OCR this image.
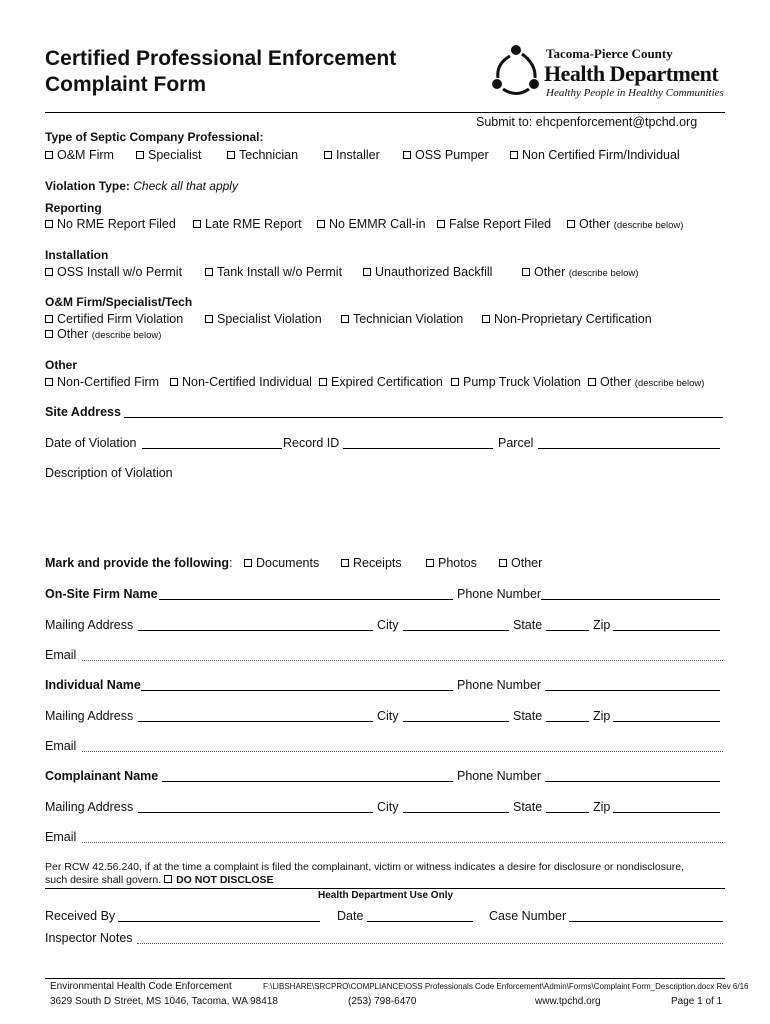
Certified Professional Enforcement
Complaint Form
Tacoma-Pierce County
Health Department
Healthy People in Healthy Communities
Submit to: ehcpenforcement@tpchd.org
Type of Septic Company Professional:
O&M Firm	Specialist	Technician	Installer	OSS Pumper	Non Certified Firm/Individual
Violation Type: Check all that apply
Reporting
No RME Report Filed	Late RME Report	No EMMR Call-in	False Report Filed	Other (describe below)
Installation
OSS Install w/o Permit	Tank Install w/o Permit	Unauthorized Backfill	Other (describe below)
O&M Firm/Specialist/Tech
Certified Firm Violation	Specialist Violation	Technician Violation	Non-Proprietary Certification
Other (describe below)
Other
Non-Certified Firm	Non-Certified Individual	Expired Certification	Pump Truck Violation	Other (describe below)
Site Address
Date of Violation	Record ID	Parcel
Description of Violation
Mark and provide the following:	Documents	Receipts	Photos	Other
On-Site Firm Name	Phone Number
Mailing Address	City	State	Zip
Email
Individual Name	Phone Number
Mailing Address	City	State	Zip
Email
Complainant Name	Phone Number
Mailing Address	City	State	Zip
Email
Per RCW 42.56.240, if at the time a complaint is filed the complainant, victim or witness indicates a desire for disclosure or nondisclosure,
such desire shall govern. DO NOT DISCLOSE
Health Department Use Only
Received By	Date	Case Number
Inspector Notes
Environmental Health Code Enforcement	F:\LIBSHARE\SRCPRO\COMPLIANCE\OSS Professionals Code Enforcement\Admin\Forms\Complaint Form_Description.docx Rev 6/16
3629 South D Street, MS 1046, Tacoma, WA 98418	(253) 798-6470	www.tpchd.org	Page 1 of 1
